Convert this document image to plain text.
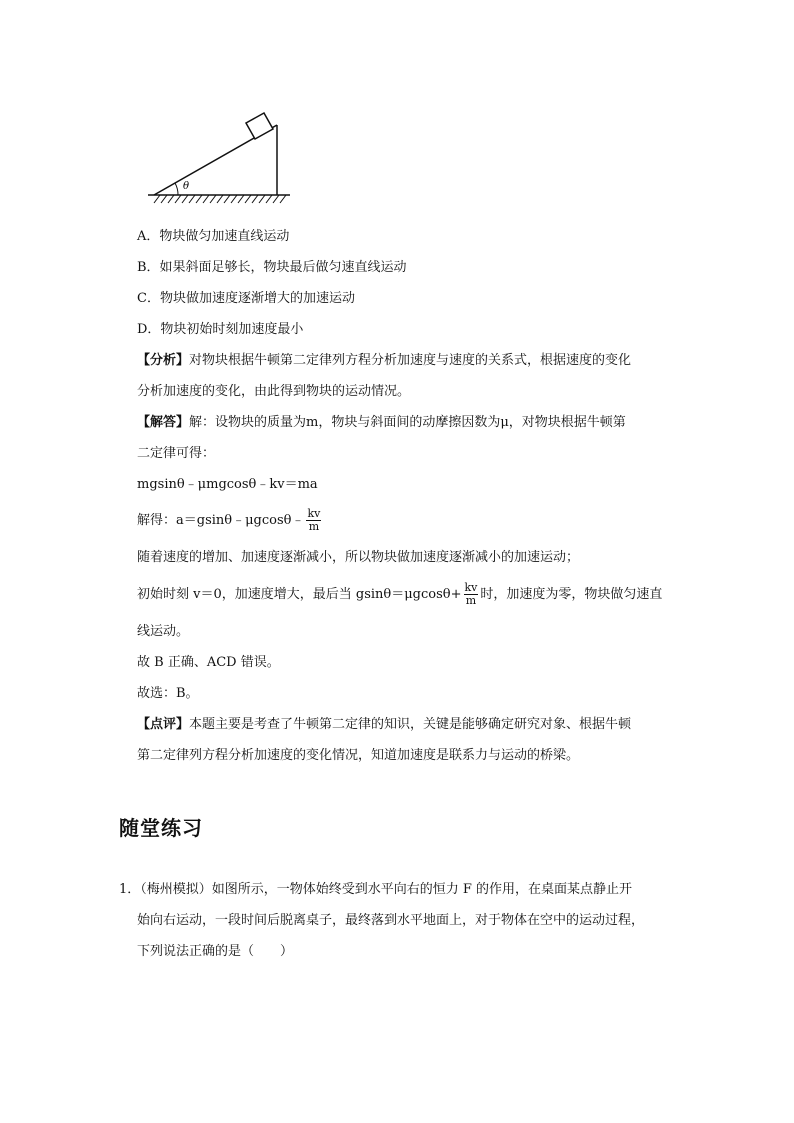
θ
A．物块做匀加速直线运动
B．如果斜面足够长，物块最后做匀速直线运动
C．物块做加速度逐渐增大的加速运动
D．物块初始时刻加速度最小
【分析】对物块根据牛顿第二定律列方程分析加速度与速度的关系式，根据速度的变化
分析加速度的变化，由此得到物块的运动情况。
【解答】解：设物块的质量为m，物块与斜面间的动摩擦因数为μ，对物块根据牛顿第
二定律可得：
mgsinθ﹣μmgcosθ﹣kv＝ma
解得：a＝gsinθ﹣μgcosθ﹣ $\frac{kv}{m}$
随着速度的增加、加速度逐渐减小，所以物块做加速度逐渐减小的加速运动；
初始时刻 v＝0，加速度增大，最后当 $gsin\theta=\mu gcos\theta+ \frac{kv}{m}$ 时，加速度为零，物块做匀速直
线运动。
故 B 正确、ACD 错误。
故选：B。
【点评】本题主要是考查了牛顿第二定律的知识，关键是能够确定研究对象、根据牛顿
第二定律列方程分析加速度的变化情况，知道加速度是联系力与运动的桥梁。
随堂练习
1．（梅州模拟）如图所示，一物体始终受到水平向右的恒力 F 的作用，在桌面某点静止开
始向右运动，一段时间后脱离桌子，最终落到水平地面上，对于物体在空中的运动过程，
下列说法正确的是（　　）
